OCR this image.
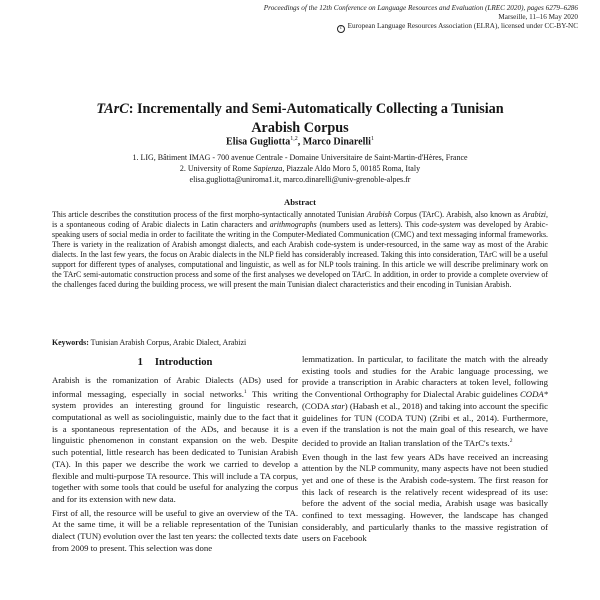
Proceedings of the 12th Conference on Language Resources and Evaluation (LREC 2020), pages 6279–6286
Marseille, 11–16 May 2020
c European Language Resources Association (ELRA), licensed under CC-BY-NC
TArC: Incrementally and Semi-Automatically Collecting a Tunisian
Arabish Corpus
Elisa Gugliotta$^{1,2}$, Marco Dinarelli$^1$
1. LIG, Bâtiment IMAG - 700 avenue Centrale - Domaine Universitaire de Saint-Martin-d'Hères, France
2. University of Rome Sapienza, Piazzale Aldo Moro 5, 00185 Roma, Italy
elisa.gugliotta@uniroma1.it, marco.dinarelli@univ-grenoble-alpes.fr
Abstract
This article describes the constitution process of the first morpho-syntactically annotated Tunisian Arabish Corpus (TArC). Arabish, also known as Arabizi, is a spontaneous coding of Arabic dialects in Latin characters and arithmographs (numbers used as letters). This code-system was developed by Arabic-speaking users of social media in order to facilitate the writing in the Computer-Mediated Communication (CMC) and text messaging informal frameworks. There is variety in the realization of Arabish amongst dialects, and each Arabish code-system is under-resourced, in the same way as most of the Arabic dialects. In the last few years, the focus on Arabic dialects in the NLP field has considerably increased. Taking this into consideration, TArC will be a useful support for different types of analyses, computational and linguistic, as well as for NLP tools training. In this article we will describe preliminary work on the TArC semi-automatic construction process and some of the first analyses we developed on TArC. In addition, in order to provide a complete overview of the challenges faced during the building process, we will present the main Tunisian dialect characteristics and their encoding in Tunisian Arabish.
Keywords: Tunisian Arabish Corpus, Arabic Dialect, Arabizi
1 Introduction

Arabish is the romanization of Arabic Dialects (ADs) used for informal messaging, especially in social networks.$^1$ This writing system provides an interesting ground for linguistic research, computational as well as sociolinguistic, mainly due to the fact that it is a spontaneous representation of the ADs, and because it is a linguistic phenomenon in constant expansion on the web. Despite such potential, little research has been dedicated to Tunisian Arabish (TA). In this paper we describe the work we carried to develop a flexible and multi-purpose TA resource. This will include a TA corpus, together with some tools that could be useful for analyzing the corpus and for its extension with new data.

First of all, the resource will be useful to give an overview of the TA. At the same time, it will be a reliable representation of the Tunisian dialect (TUN) evolution over the last ten years: the collected texts date from 2009 to present. This selection was done

lemmatization. In particular, to facilitate the match with the already existing tools and studies for the Arabic language processing, we provide a transcription in Arabic characters at token level, following the Conventional Orthography for Dialectal Arabic guidelines CODA* (CODA star) (Habash et al., 2018) and taking into account the specific guidelines for TUN (CODA TUN) (Zribi et al., 2014). Furthermore, even if the translation is not the main goal of this research, we have decided to provide an Italian translation of the TArC's texts.$^2$

Even though in the last few years ADs have received an increasing attention by the NLP community, many aspects have not been studied yet and one of these is the Arabish code-system. The first reason for this lack of research is the relatively recent widespread of its use: before the advent of the social media, Arabish usage was basically confined to text messaging. However, the landscape has changed considerably, and particularly thanks to the massive registration of users on Facebook
